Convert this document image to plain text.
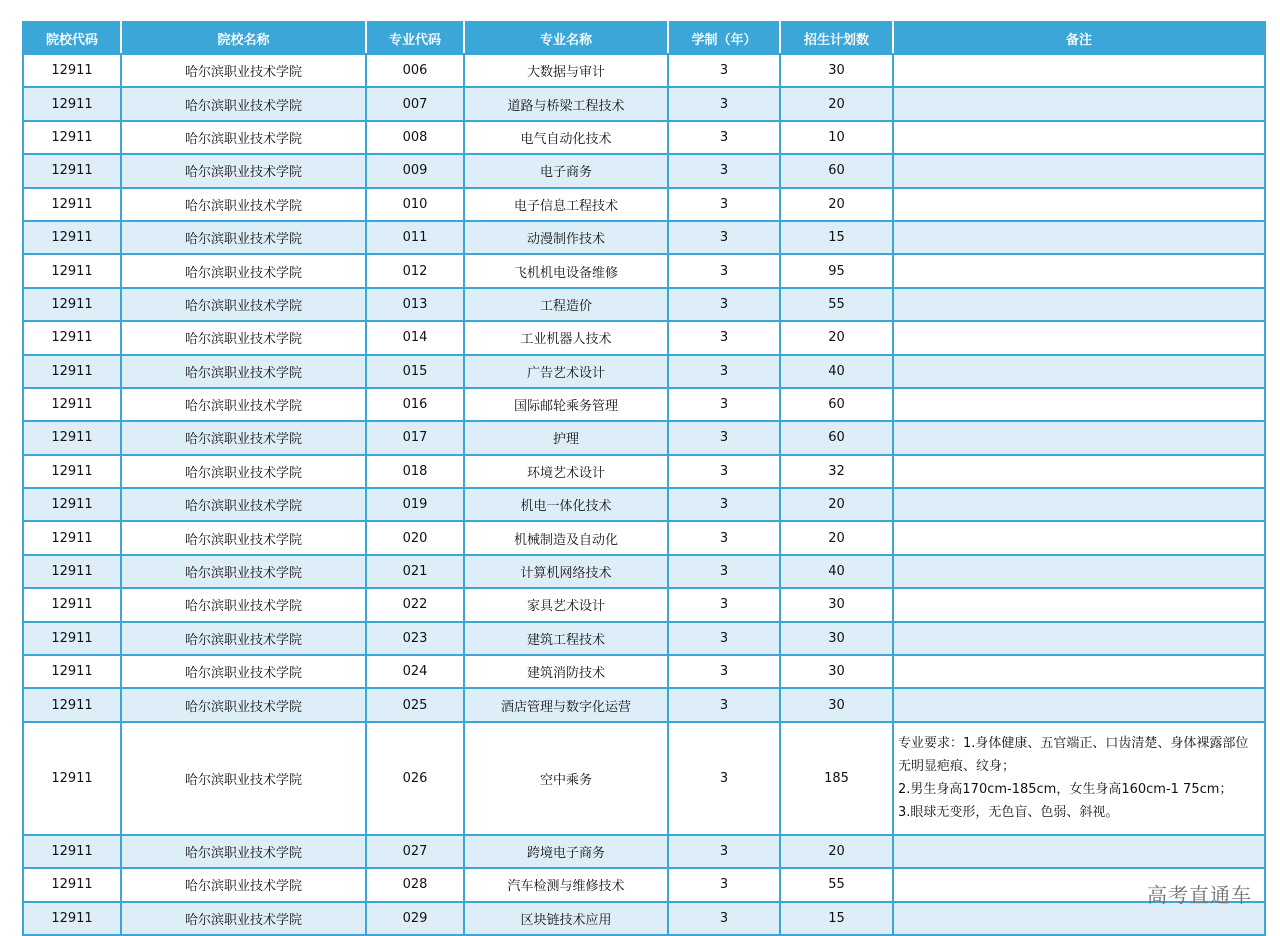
院校代码	院校名称	专业代码	专业名称	学制（年）	招生计划数	备注
12911	哈尔滨职业技术学院	006	大数据与审计	3	30	
12911	哈尔滨职业技术学院	007	道路与桥梁工程技术	3	20	
12911	哈尔滨职业技术学院	008	电气自动化技术	3	10	
12911	哈尔滨职业技术学院	009	电子商务	3	60	
12911	哈尔滨职业技术学院	010	电子信息工程技术	3	20	
12911	哈尔滨职业技术学院	011	动漫制作技术	3	15	
12911	哈尔滨职业技术学院	012	飞机机电设备维修	3	95	
12911	哈尔滨职业技术学院	013	工程造价	3	55	
12911	哈尔滨职业技术学院	014	工业机器人技术	3	20	
12911	哈尔滨职业技术学院	015	广告艺术设计	3	40	
12911	哈尔滨职业技术学院	016	国际邮轮乘务管理	3	60	
12911	哈尔滨职业技术学院	017	护理	3	60	
12911	哈尔滨职业技术学院	018	环境艺术设计	3	32	
12911	哈尔滨职业技术学院	019	机电一体化技术	3	20	
12911	哈尔滨职业技术学院	020	机械制造及自动化	3	20	
12911	哈尔滨职业技术学院	021	计算机网络技术	3	40	
12911	哈尔滨职业技术学院	022	家具艺术设计	3	30	
12911	哈尔滨职业技术学院	023	建筑工程技术	3	30	
12911	哈尔滨职业技术学院	024	建筑消防技术	3	30	
12911	哈尔滨职业技术学院	025	酒店管理与数字化运营	3	30	
12911	哈尔滨职业技术学院	026	空中乘务	3	185	专业要求：1.身体健康、五官端正、口齿清楚、身体裸露部位无明显疤痕、纹身；
2.男生身高170cm-185cm，女生身高160cm-1 75cm；
3.眼球无变形，无色盲、色弱、斜视。
12911	哈尔滨职业技术学院	027	跨境电子商务	3	20	
12911	哈尔滨职业技术学院	028	汽车检测与维修技术	3	55	
12911	哈尔滨职业技术学院	029	区块链技术应用	3	15	
高考直通车
